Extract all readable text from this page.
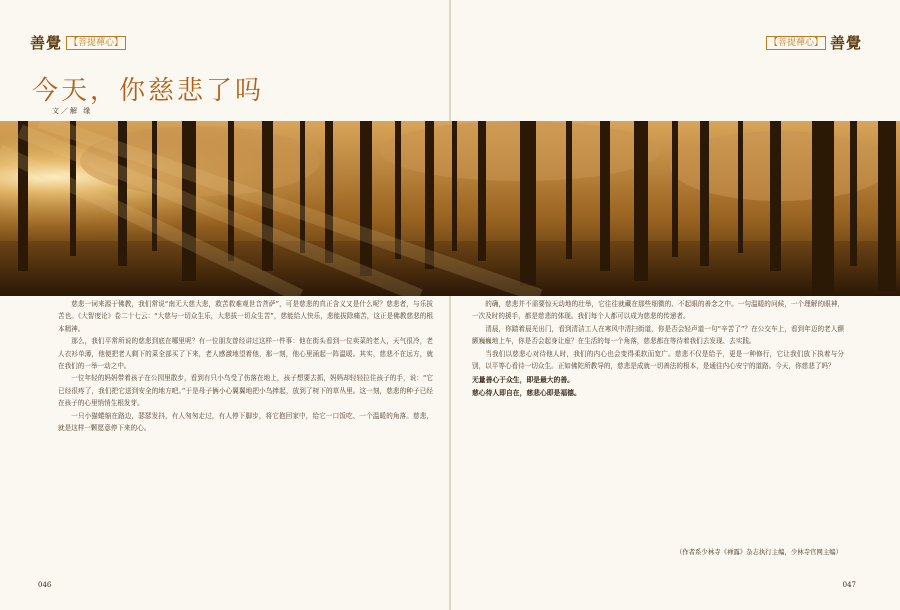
善覺 【菩提禪心】	【菩提禪心】 善覺
今天，你慈悲了吗
文／解 缘

慈悲一词来源于佛教，我们常说“南无大慈大悲，救苦救难观世音菩萨”，可是慈悲的真正含义又是什么呢？慈悲者，与乐拔苦也。《大智度论》卷二十七云：“大慈与一切众生乐，大悲拔一切众生苦”，慈能给人快乐，悲能拔除痛苦，这正是佛教慈悲的根本精神。

那么，我们平常所说的慈悲到底在哪里呢？有一位朋友曾经讲过这样一件事：他在街头看到一位卖菜的老人，天气很冷，老人衣衫单薄，他便把老人剩下的菜全部买了下来，老人感激地望着他，那一刻，他心里涌起一阵温暖。其实，慈悲不在远方，就在我们的一举一动之中。

一位年轻的妈妈带着孩子在公园里散步，看到有只小鸟受了伤落在地上，孩子想要去抓，妈妈却轻轻拉住孩子的手，说：“它已经很疼了，我们把它送到安全的地方吧。”于是母子俩小心翼翼地把小鸟捧起，放到了树下的草丛里。这一刻，慈悲的种子已经在孩子的心里悄悄生根发芽。

一只小猫蜷缩在路边，瑟瑟发抖，有人匆匆走过，有人停下脚步，将它抱回家中，给它一口饭吃、一个温暖的角落。慈悲，就是这样一颗愿意停下来的心。

的确，慈悲并不需要惊天动地的壮举，它往往就藏在那些细微的、不起眼的善念之中。一句温暖的问候，一个理解的眼神，一次及时的援手，都是慈悲的体现。我们每个人都可以成为慈悲的传递者。

清晨，你踏着晨光出门，看到清洁工人在寒风中清扫街道，你是否会轻声道一句“辛苦了”？在公交车上，看到年迈的老人颤颤巍巍地上车，你是否会起身让座？在生活的每一个角落，慈悲都在等待着我们去发现、去实践。

当我们以慈悲心对待他人时，我们的内心也会变得柔软而宽广。慈悲不仅是给予，更是一种修行，它让我们放下执着与分别，以平等心看待一切众生。正如佛陀所教导的，慈悲是成就一切善法的根本，是通往内心安宁的道路。今天，你慈悲了吗？

无量善心于众生，即是最大的善。
慈心待人即自在，慈悲心即是福德。
（作者系少林寺《禅露》杂志执行主编，少林寺官网主编）
046	047
